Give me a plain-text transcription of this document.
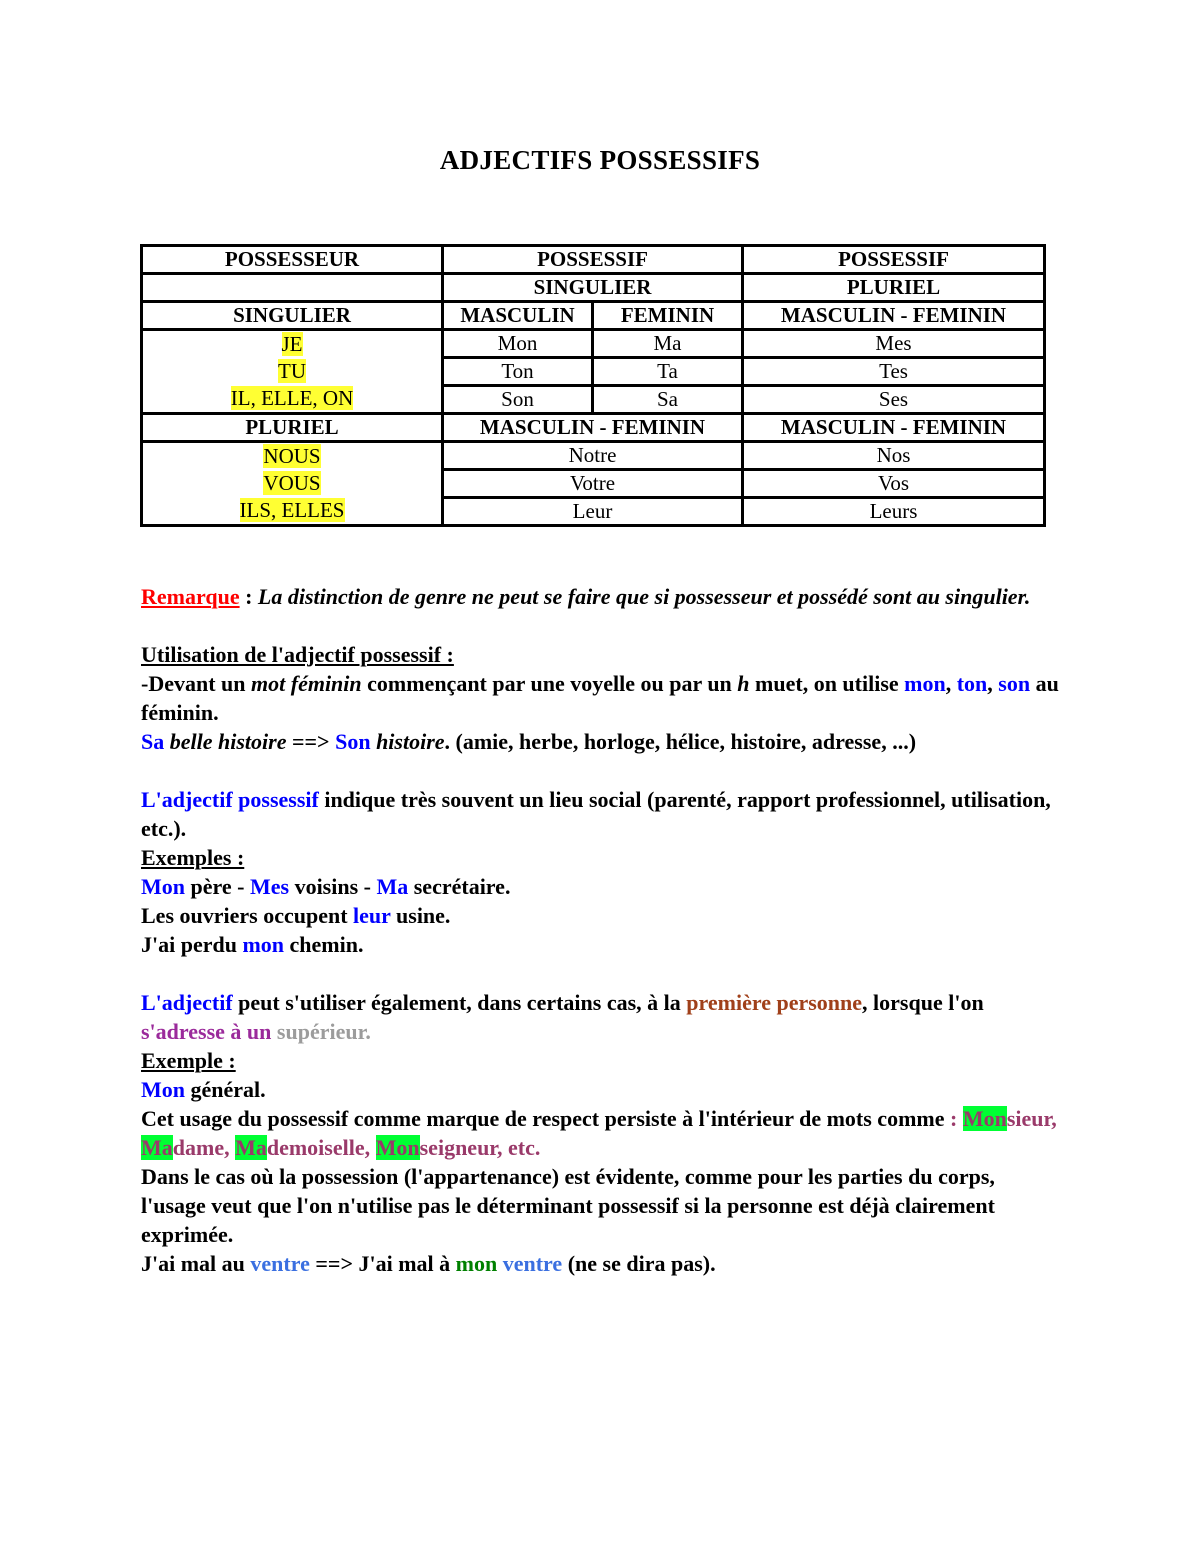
ADJECTIFS POSSESSIFS
POSSESSEUR	POSSESSIF		POSSESSIF
	SINGULIER		PLURIEL
SINGULIER	MASCULIN	FEMININ	MASCULIN - FEMININ
JE	Mon	Ma	Mes
TU	Ton	Ta	Tes
IL, ELLE, ON	Son	Sa	Ses
PLURIEL	MASCULIN - FEMININ		MASCULIN - FEMININ
NOUS	Notre		Nos
VOUS	Votre		Vos
ILS, ELLES	Leur		Leurs

Remarque : La distinction de genre ne peut se faire que si possesseur et possédé sont au singulier.

Utilisation de l'adjectif possessif :

-Devant un mot féminin commençant par une voyelle ou par un h muet, on utilise mon, ton, son au féminin.

Sa belle histoire ==> Son histoire. (amie, herbe, horloge, hélice, histoire, adresse, ...)

L'adjectif possessif indique très souvent un lieu social (parenté, rapport professionnel, utilisation, etc.).

Exemples :

Mon père - Mes voisins - Ma secrétaire.

Les ouvriers occupent leur usine.

J'ai perdu mon chemin.

L'adjectif peut s'utiliser également, dans certains cas, à la première personne, lorsque l'on s'adresse à un supérieur.

Exemple :

Mon général.

Cet usage du possessif comme marque de respect persiste à l'intérieur de mots comme : Monsieur, Madame, Mademoiselle, Monseigneur, etc.

Dans le cas où la possession (l'appartenance) est évidente, comme pour les parties du corps, l'usage veut que l'on n'utilise pas le déterminant possessif si la personne est déjà clairement exprimée.

J'ai mal au ventre ==> J'ai mal à mon ventre (ne se dira pas).
